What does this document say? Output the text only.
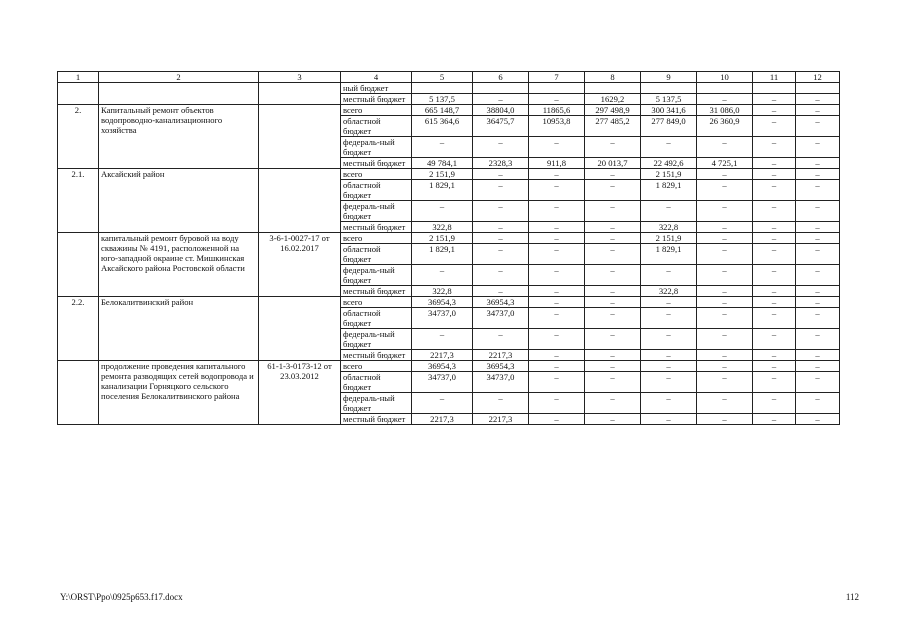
1	2	3	4	5	6	7	8	9	10	11	12
			ный бюджет								
			местный бюджет	5 137,5	–	–	1629,2	5 137,5	–	–	–
2.	Капитальный ремонт объектов водопроводно-канализационного хозяйства		всего	665 148,7	38804,0	11865,6	297 498,9	300 341,6	31 086,0	–	–
			областной бюджет	615 364,6	36475,7	10953,8	277 485,2	277 849,0	26 360,9	–	–
			федераль-ный бюджет	–	–	–	–	–	–	–	–
			местный бюджет	49 784,1	2328,3	911,8	20 013,7	22 492,6	4 725,1	–	–
2.1.	Аксайский район		всего	2 151,9	–	–	–	2 151,9	–	–	–
			областной бюджет	1 829,1	–	–	–	1 829,1	–	–	–
			федераль-ный бюджет	–	–	–	–	–	–	–	–
			местный бюджет	322,8	–	–	–	322,8	–	–	–
	капитальный ремонт буровой на воду скважины № 4191, расположенной на юго-западной окраине ст. Мишкинская Аксайского района Ростовской области	3-6-1-0027-17 от 16.02.2017	всего	2 151,9	–	–	–	2 151,9	–	–	–
			областной бюджет	1 829,1	–	–	–	1 829,1	–	–	–
			федераль-ный бюджет	–	–	–	–	–	–	–	–
			местный бюджет	322,8	–	–	–	322,8	–	–	–
2.2.	Белокалитвинский район		всего	36954,3	36954,3	–	–	–	–	–	–
			областной бюджет	34737,0	34737,0	–	–	–	–	–	–
			федераль-ный бюджет	–	–	–	–	–	–	–	–
			местный бюджет	2217,3	2217,3	–	–	–	–	–	–
	продолжение проведения капитального ремонта разводящих сетей водопровода и канализации Горняцкого сельского поселения Белокалитвинского района	61-1-3-0173-12 от 23.03.2012	всего	36954,3	36954,3	–	–	–	–	–	–
			областной бюджет	34737,0	34737,0	–	–	–	–	–	–
			федераль-ный бюджет	–	–	–	–	–	–	–	–
			местный бюджет	2217,3	2217,3	–	–	–	–	–	–
Y:\ORST\Ppo\0925p653.f17.docx	112
